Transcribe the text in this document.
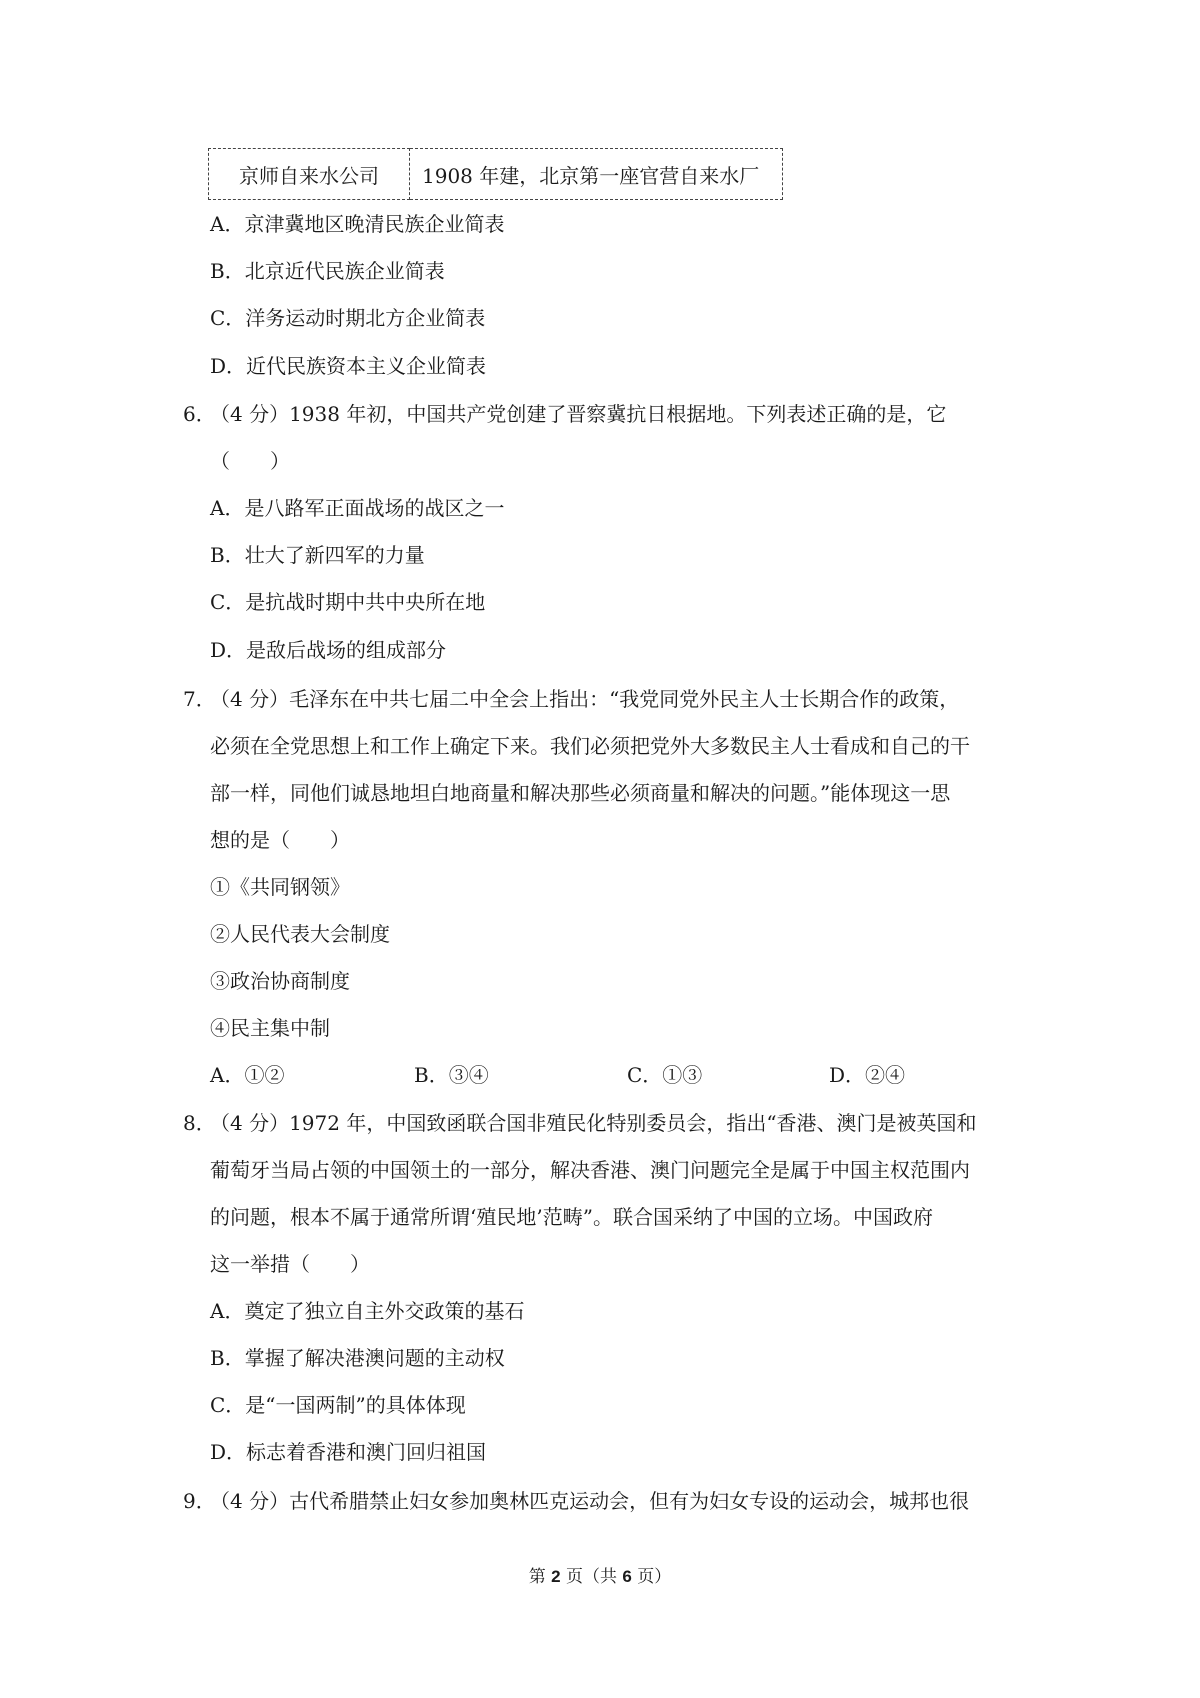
京师自来水公司	1908 年建，北京第一座官营自来水厂
A．京津冀地区晚清民族企业简表
B．北京近代民族企业简表
C．洋务运动时期北方企业简表
D．近代民族资本主义企业简表
6．
（4 分）1938 年初，中国共产党创建了晋察冀抗日根据地。下列表述正确的是，它
（　　）
A．是八路军正面战场的战区之一
B．壮大了新四军的力量
C．是抗战时期中共中央所在地
D．是敌后战场的组成部分
7．
（4 分）毛泽东在中共七届二中全会上指出：“我党同党外民主人士长期合作的政策，
必须在全党思想上和工作上确定下来。我们必须把党外大多数民主人士看成和自己的干
部一样，同他们诚恳地坦白地商量和解决那些必须商量和解决的问题。”能体现这一思
想的是（　　）
①《共同钢领》
②人民代表大会制度
③政治协商制度
④民主集中制
A．①②	B．③④	C．①③	D．②④
8．
（4 分）1972 年，中国致函联合国非殖民化特别委员会，指出“香港、澳门是被英国和
葡萄牙当局占领的中国领土的一部分，解决香港、澳门问题完全是属于中国主权范围内
的问题，根本不属于通常所谓‘殖民地’范畴”。联合国采纳了中国的立场。中国政府
这一举措（　　）
A．奠定了独立自主外交政策的基石
B．掌握了解决港澳问题的主动权
C．是“一国两制”的具体体现
D．标志着香港和澳门回归祖国
9．
（4 分）古代希腊禁止妇女参加奥林匹克运动会，但有为妇女专设的运动会，城邦也很
第 2 页（共 6 页）
